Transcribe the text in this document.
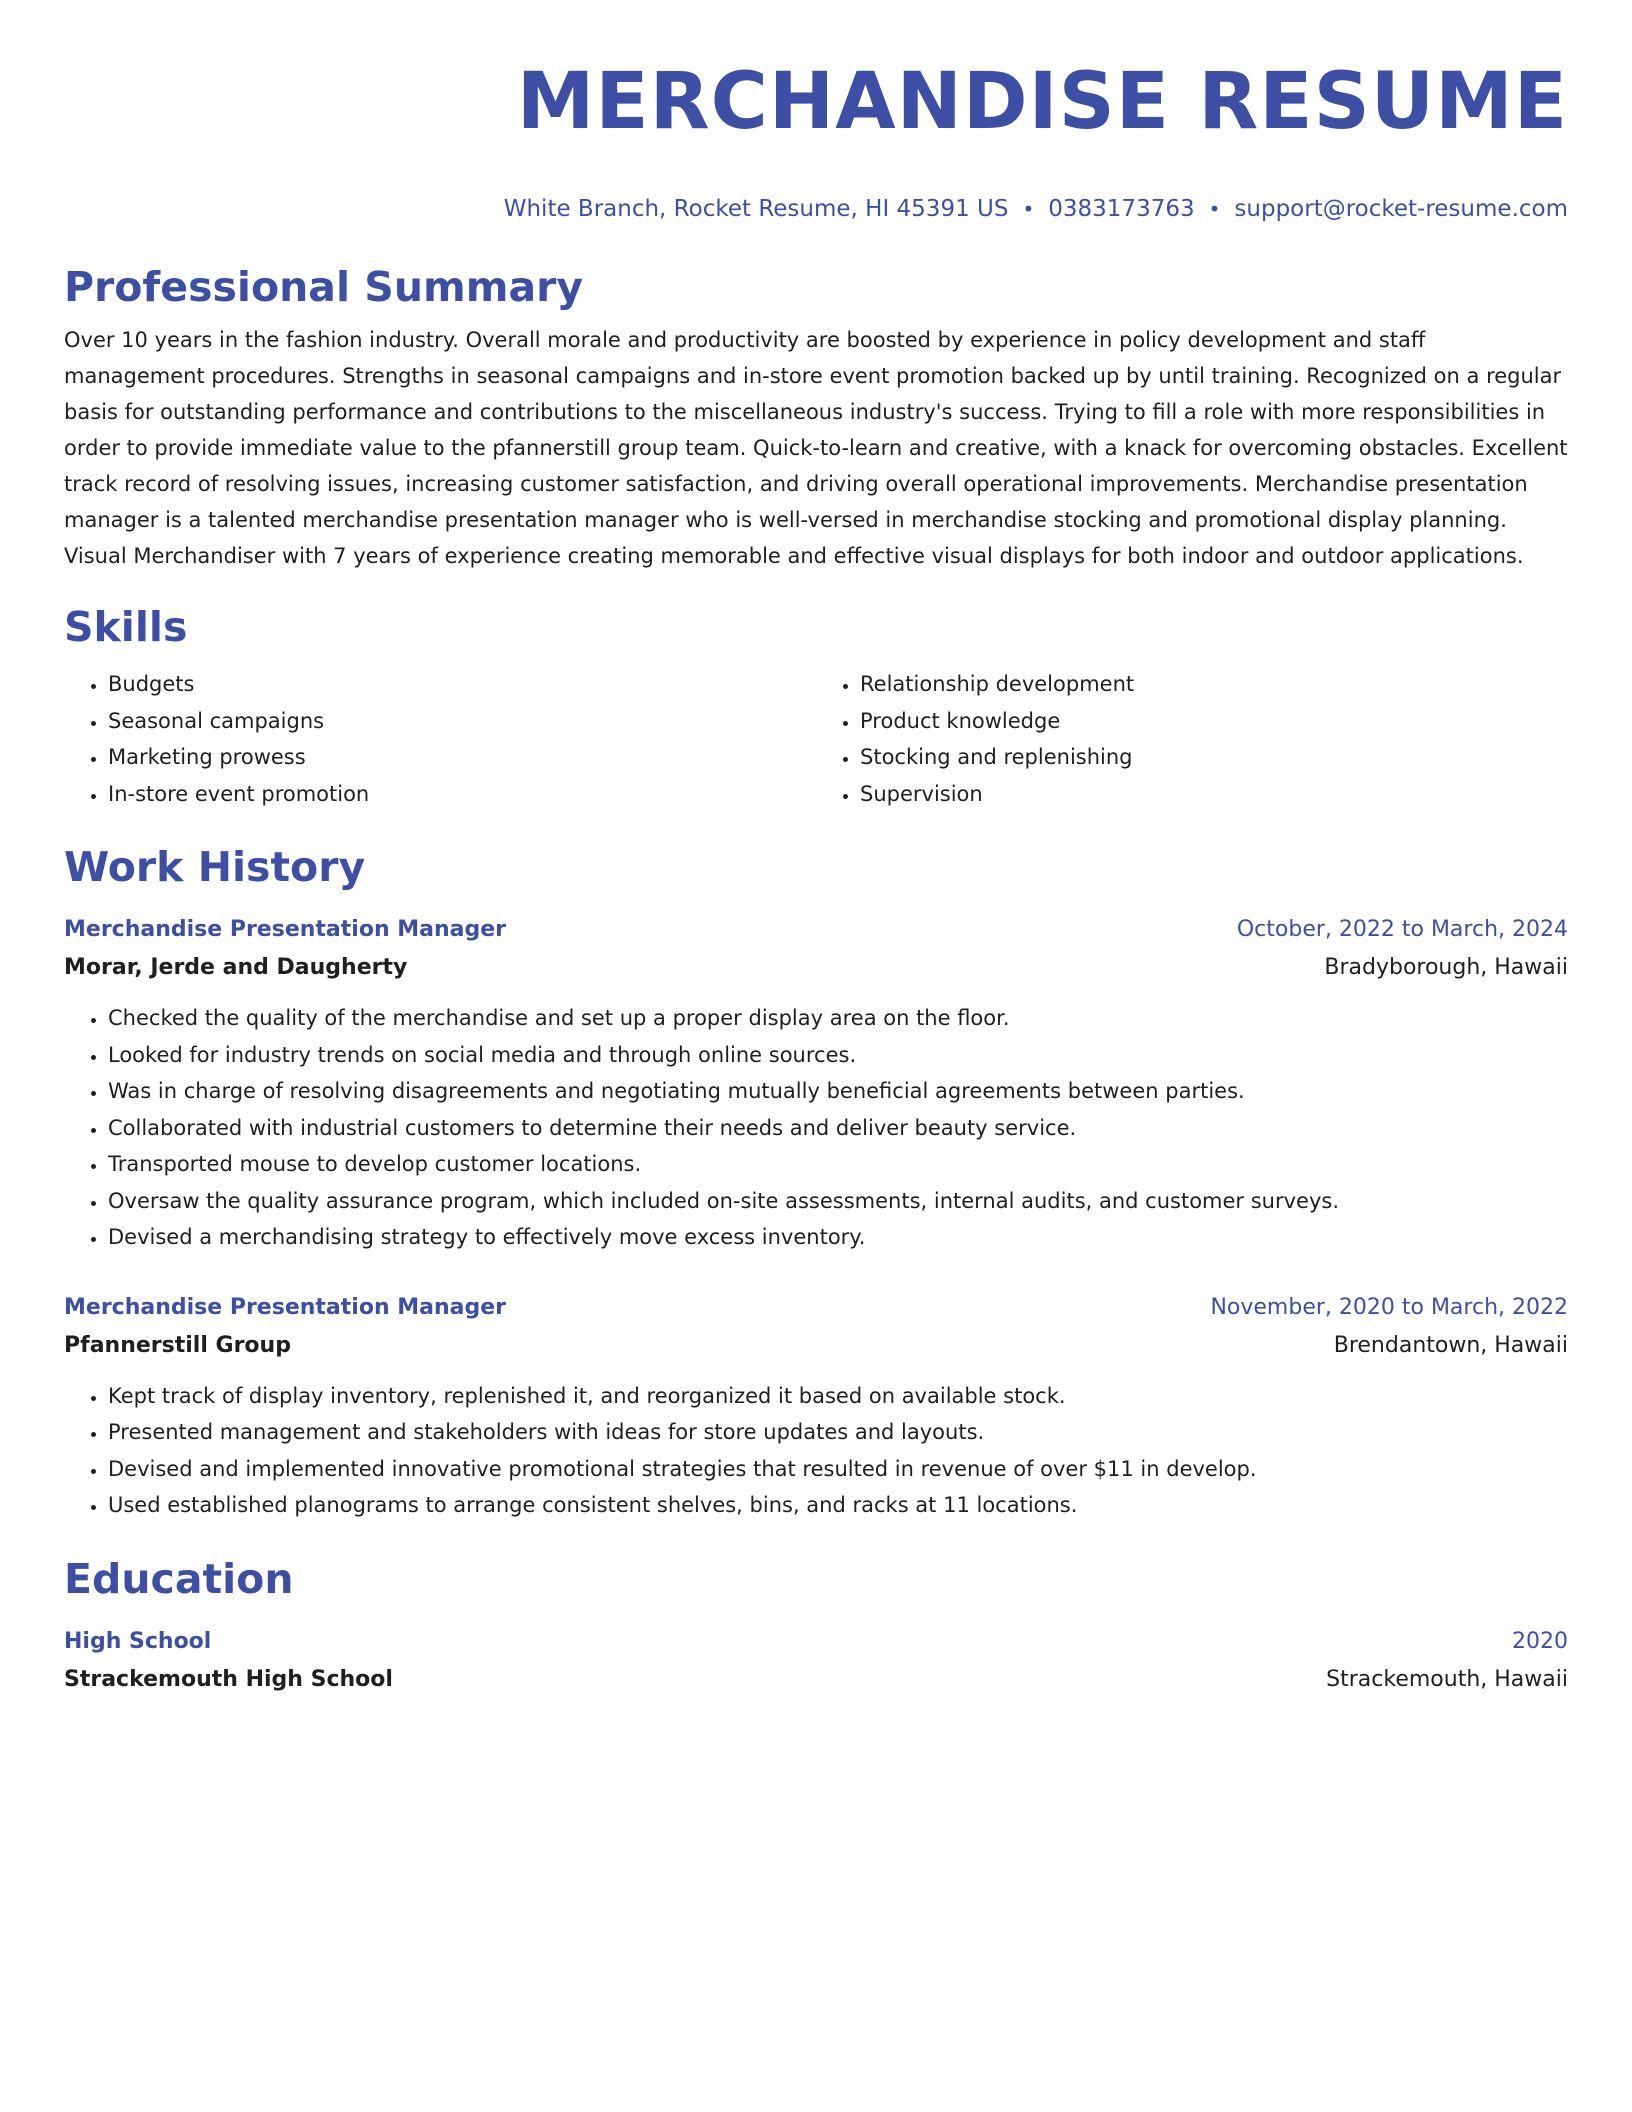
MERCHANDISE RESUME
White Branch, Rocket Resume, HI 45391 US • 0383173763 • support@rocket-resume.com
Professional Summary

Over 10 years in the fashion industry. Overall morale and productivity are boosted by experience in policy development and staff management procedures. Strengths in seasonal campaigns and in-store event promotion backed up by until training. Recognized on a regular basis for outstanding performance and contributions to the miscellaneous industry's success. Trying to fill a role with more responsibilities in order to provide immediate value to the pfannerstill group team. Quick-to-learn and creative, with a knack for overcoming obstacles. Excellent track record of resolving issues, increasing customer satisfaction, and driving overall operational improvements. Merchandise presentation manager is a talented merchandise presentation manager who is well-versed in merchandise stocking and promotional display planning. Visual Merchandiser with 7 years of experience creating memorable and effective visual displays for both indoor and outdoor applications.

Skills
• Budgets
• Seasonal campaigns
• Marketing prowess
• In-store event promotion
• Relationship development
• Product knowledge
• Stocking and replenishing
• Supervision
Work History
Merchandise Presentation Manager	October, 2022 to March, 2024
Morar, Jerde and Daugherty	Bradyborough, Hawaii
• Checked the quality of the merchandise and set up a proper display area on the floor.
• Looked for industry trends on social media and through online sources.
• Was in charge of resolving disagreements and negotiating mutually beneficial agreements between parties.
• Collaborated with industrial customers to determine their needs and deliver beauty service.
• Transported mouse to develop customer locations.
• Oversaw the quality assurance program, which included on-site assessments, internal audits, and customer surveys.
• Devised a merchandising strategy to effectively move excess inventory.
Merchandise Presentation Manager	November, 2020 to March, 2022
Pfannerstill Group	Brendantown, Hawaii
• Kept track of display inventory, replenished it, and reorganized it based on available stock.
• Presented management and stakeholders with ideas for store updates and layouts.
• Devised and implemented innovative promotional strategies that resulted in revenue of over $11 in develop.
• Used established planograms to arrange consistent shelves, bins, and racks at 11 locations.
Education
High School	2020
Strackemouth High School	Strackemouth, Hawaii
